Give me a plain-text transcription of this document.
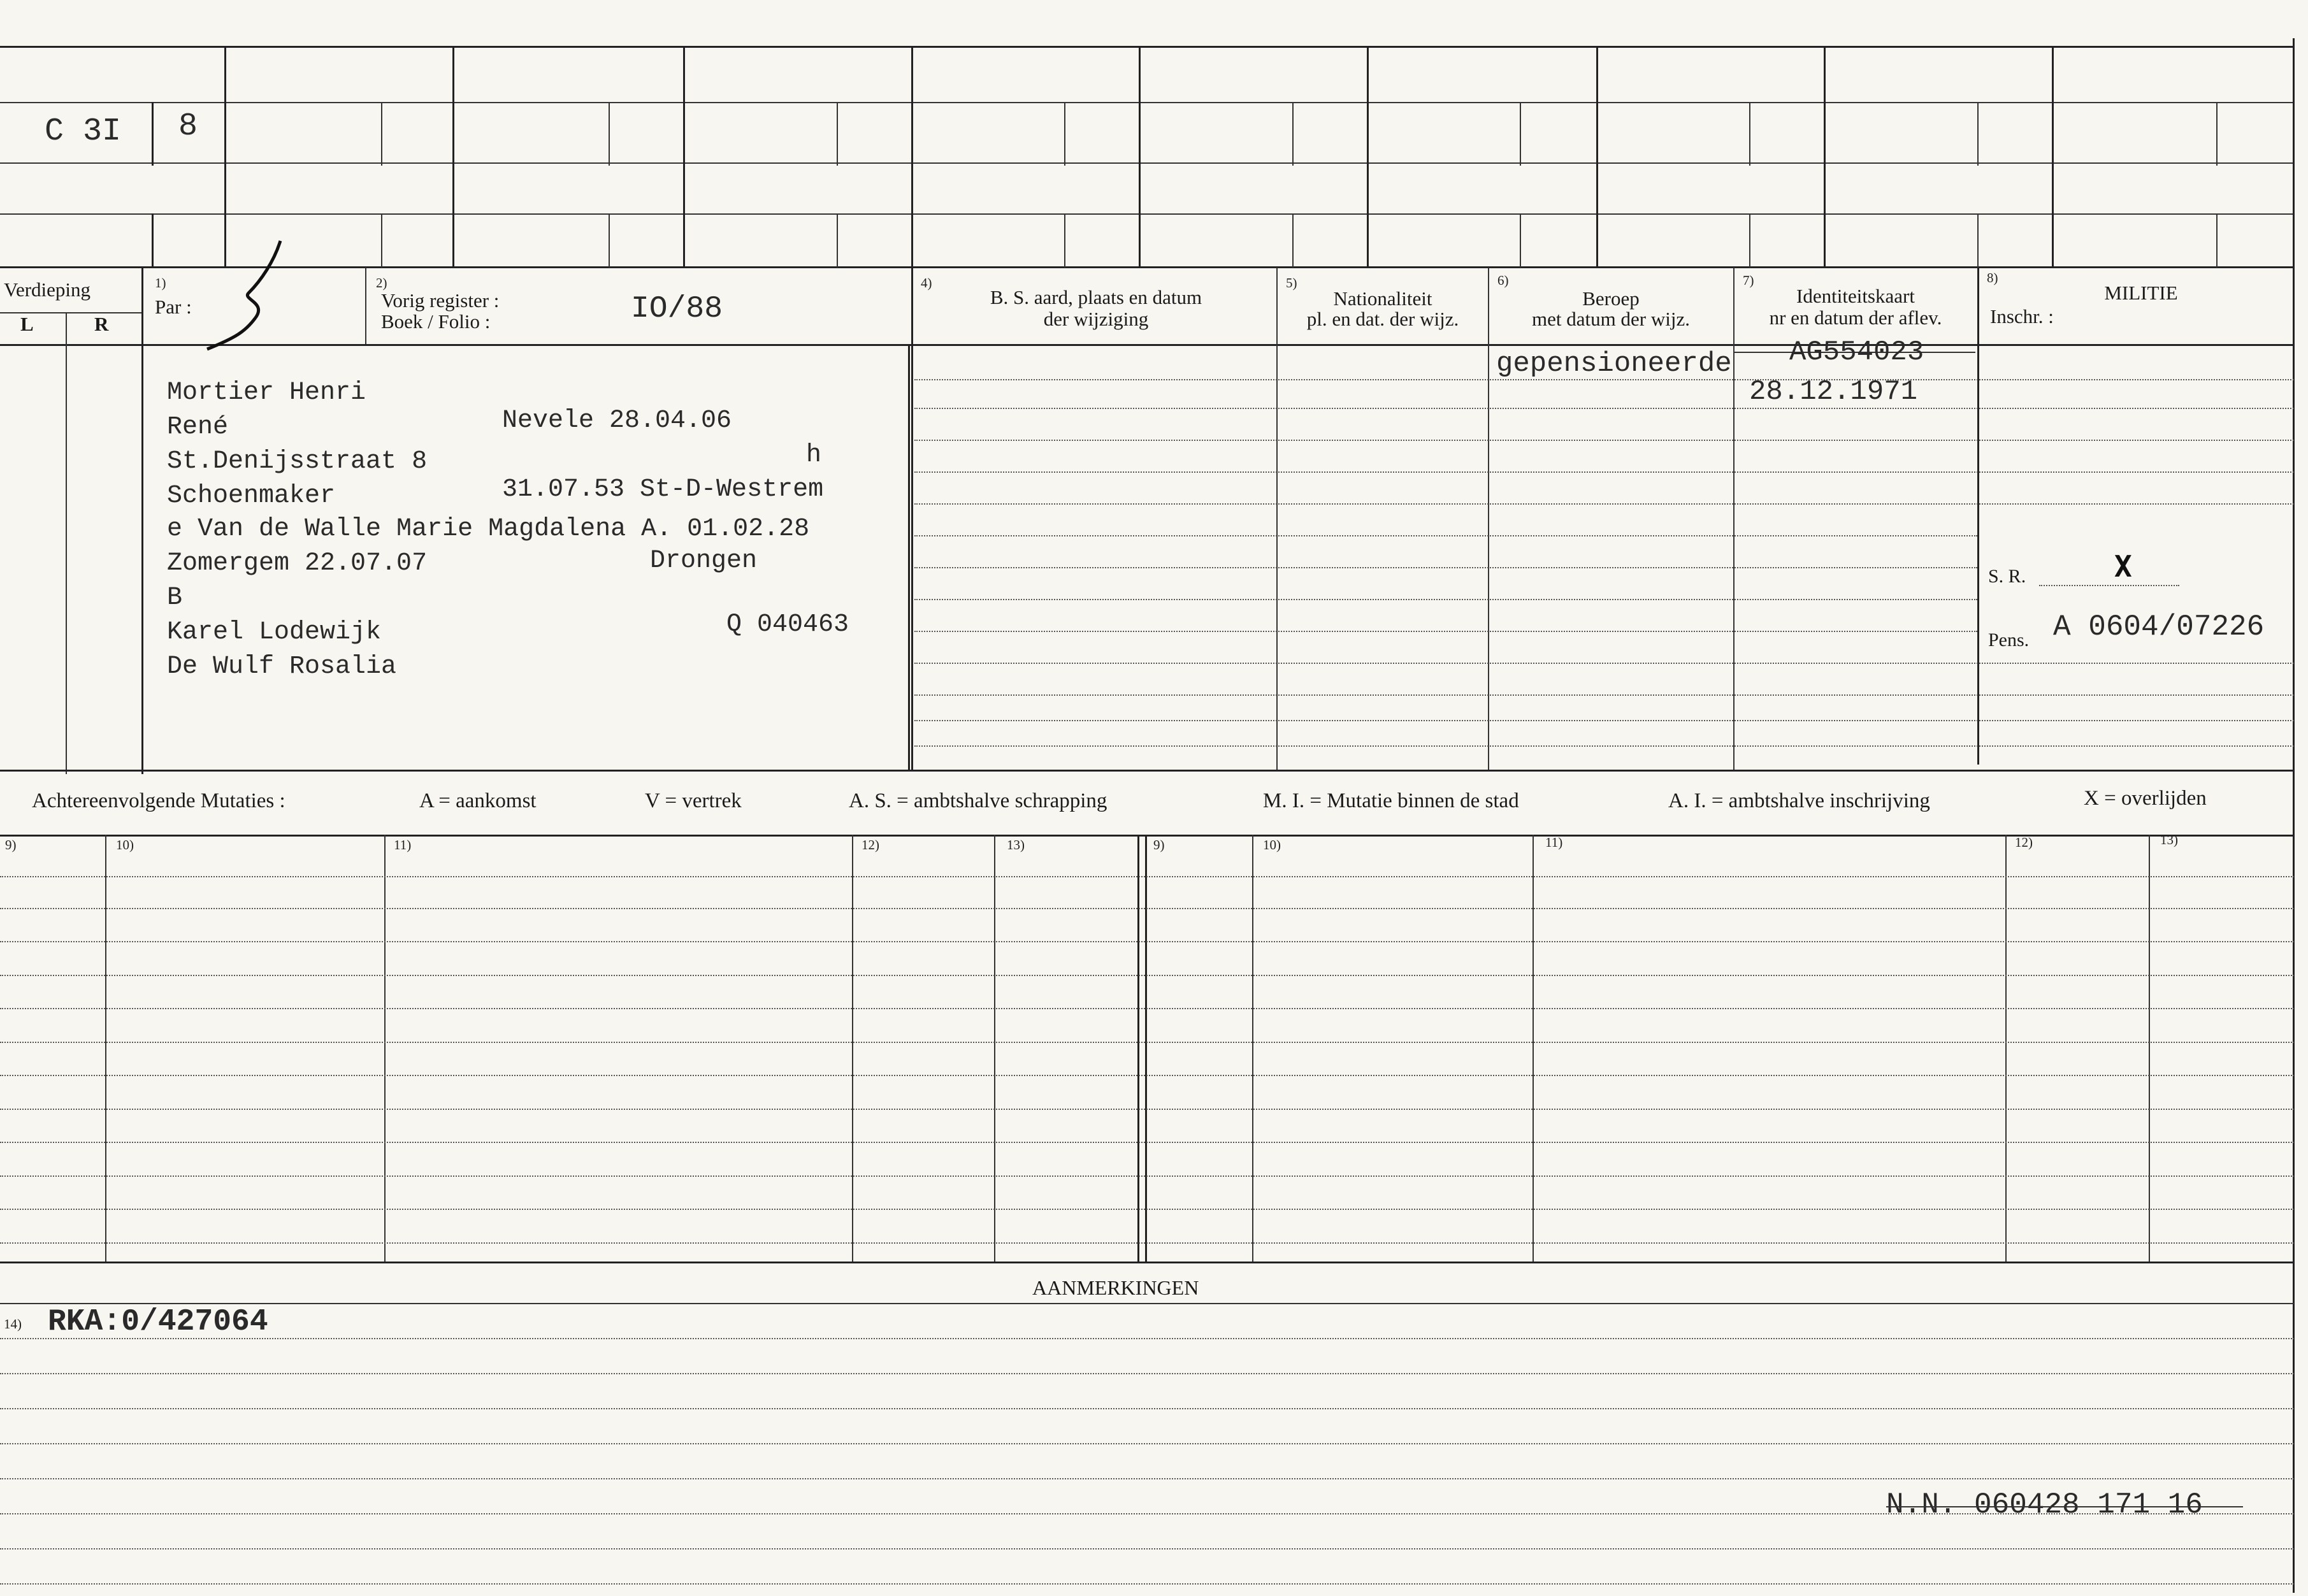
C 3I 8
Verdieping
L	R
1)
Par :
2)
Vorig register :
Boek / Folio :	IO/88
4)
B. S. aard, plaats en datum
der wijziging
5)
Nationaliteit
pl. en dat. der wijz.
6)
Beroep
met datum der wijz.
7)
Identiteitskaart
nr en datum der aflev.
8)
MILITIE
Inschr. :
Mortier Henri
René
St.Denijsstraat 8
Schoenmaker
e Van de Walle Marie Magdalena A. 01.02.28
Zomergem 22.07.07
B
Karel Lodewijk
De Wulf Rosalia
Nevele 28.04.06
h
31.07.53 St-D-Westrem
Drongen
Q 040463
gepensioneerde AG554023
28.12.1971
S. R.	X
Pens. A 0604/07226
Achtereenvolgende Mutaties :	A = aankomst	V = vertrek	A. S. = ambtshalve schrapping	M. I. = Mutatie binnen de stad	A. I. = ambtshalve inschrijving	X = overlijden
9)	10)	11)	12)	13)	9)	10)	11)	12)	13)
AANMERKINGEN
14) RKA:0/427064
N.N. 060428 171 16
